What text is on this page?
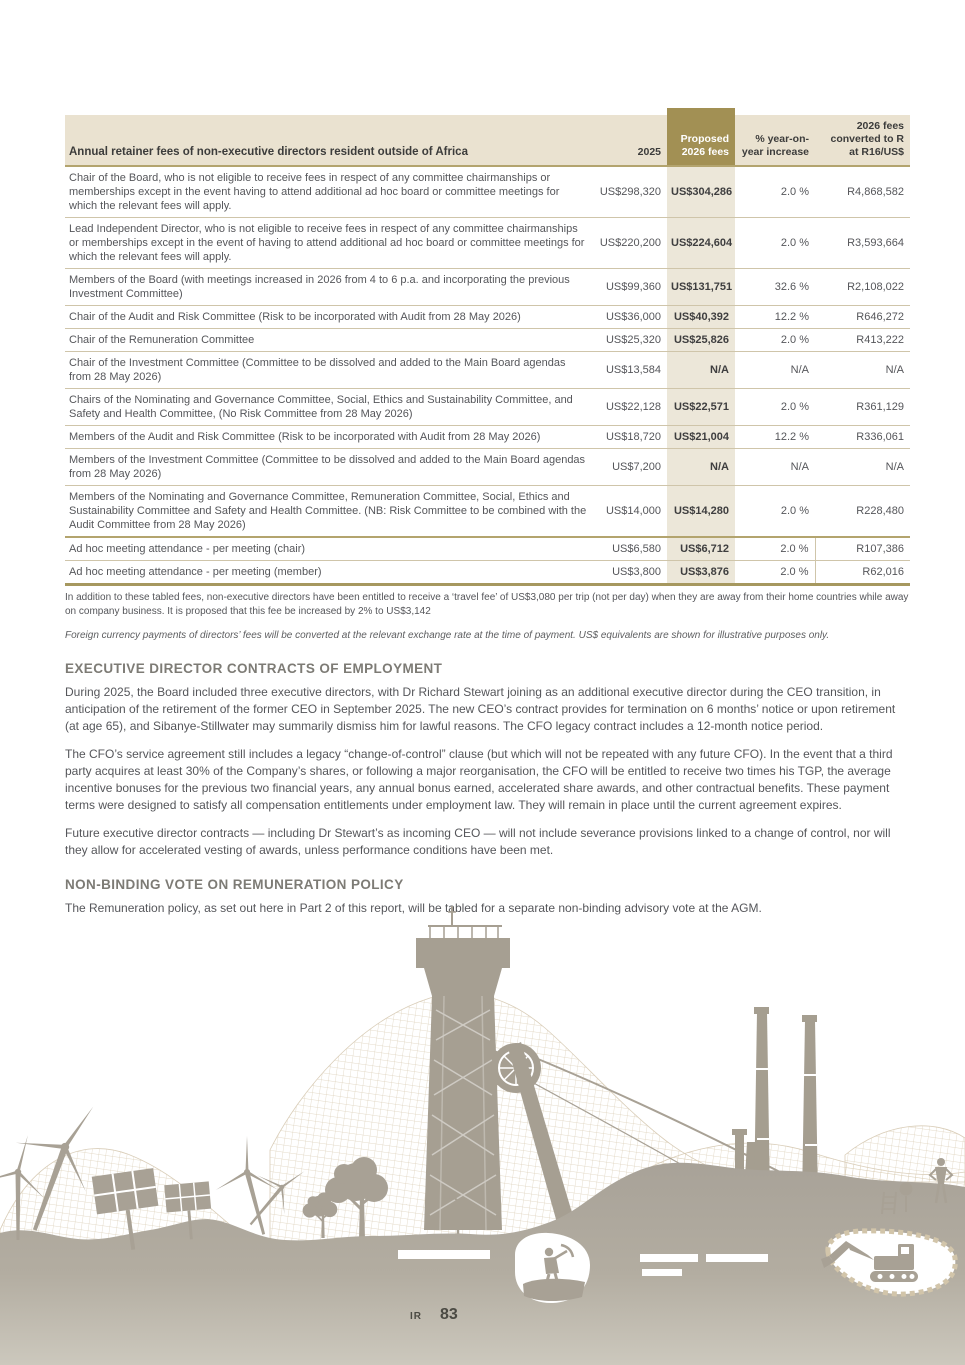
Annual retainer fees of non-executive directors resident outside of Africa	2025	Proposed 2026 fees	% year-on-year increase	2026 fees converted to R at R16/US$
Chair of the Board, who is not eligible to receive fees in respect of any committee chairmanships or memberships except in the event having to attend additional ad hoc board or committee meetings for which the relevant fees will apply.	US$298,320	US$304,286	2.0 %	R4,868,582
Lead Independent Director, who is not eligible to receive fees in respect of any committee chairmanships or memberships except in the event of having to attend additional ad hoc board or committee meetings for which the relevant fees will apply.	US$220,200	US$224,604	2.0 %	R3,593,664
Members of the Board (with meetings increased in 2026 from 4 to 6 p.a. and incorporating the previous Investment Committee)	US$99,360	US$131,751	32.6 %	R2,108,022
Chair of the Audit and Risk Committee (Risk to be incorporated with Audit from 28 May 2026)	US$36,000	US$40,392	12.2 %	R646,272
Chair of the Remuneration Committee	US$25,320	US$25,826	2.0 %	R413,222
Chair of the Investment Committee (Committee to be dissolved and added to the Main Board agendas from 28 May 2026)	US$13,584	N/A	N/A	N/A
Chairs of the Nominating and Governance Committee, Social, Ethics and Sustainability Committee, and Safety and Health Committee, (No Risk Committee from 28 May 2026)	US$22,128	US$22,571	2.0 %	R361,129
Members of the Audit and Risk Committee (Risk to be incorporated with Audit from 28 May 2026)	US$18,720	US$21,004	12.2 %	R336,061
Members of the Investment Committee (Committee to be dissolved and added to the Main Board agendas from 28 May 2026)	US$7,200	N/A	N/A	N/A
Members of the Nominating and Governance Committee, Remuneration Committee, Social, Ethics and Sustainability Committee and Safety and Health Committee. (NB: Risk Committee to be combined with the Audit Committee from 28 May 2026)	US$14,000	US$14,280	2.0 %	R228,480
Ad hoc meeting attendance - per meeting (chair)	US$6,580	US$6,712	2.0 %	R107,386
Ad hoc meeting attendance - per meeting (member)	US$3,800	US$3,876	2.0 %	R62,016
In addition to these tabled fees, non-executive directors have been entitled to receive a ‘travel fee’ of US$3,080 per trip (not per day) when they are away from their home countries while away on company business. It is proposed that this fee be increased by 2% to US$3,142
Foreign currency payments of directors’ fees will be converted at the relevant exchange rate at the time of payment. US$ equivalents are shown for illustrative purposes only.
EXECUTIVE DIRECTOR CONTRACTS OF EMPLOYMENT

During 2025, the Board included three executive directors, with Dr Richard Stewart joining as an additional executive director during the CEO transition, in anticipation of the retirement of the former CEO in September 2025. The new CEO’s contract provides for termination on 6 months’ notice or upon retirement (at age 65), and Sibanye-Stillwater may summarily dismiss him for lawful reasons. The CFO legacy contract includes a 12-month notice period.

The CFO’s service agreement still includes a legacy “change-of-control” clause (but which will not be repeated with any future CFO). In the event that a third party acquires at least 30% of the Company’s shares, or following a major reorganisation, the CFO will be entitled to receive two times his TGP, the average incentive bonuses for the previous two financial years, any annual bonus earned, accelerated share awards, and other contractual benefits. These payment terms were designed to satisfy all compensation entitlements under employment law. They will remain in place until the current agreement expires.

Future executive director contracts — including Dr Stewart’s as incoming CEO — will not include severance provisions linked to a change of control, nor will they allow for accelerated vesting of awards, unless performance conditions have been met.

NON-BINDING VOTE ON REMUNERATION POLICY

The Remuneration policy, as set out here in Part 2 of this report, will be tabled for a separate non-binding advisory vote at the AGM.

IR 83
